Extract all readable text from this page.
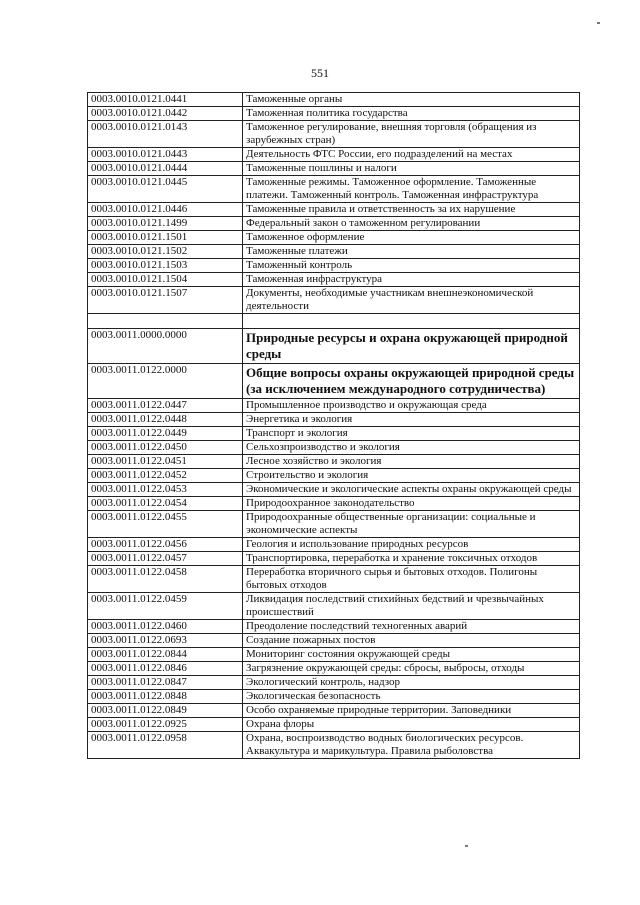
551
0003.0010.0121.0441	Таможенные органы
0003.0010.0121.0442	Таможенная политика государства
0003.0010.0121.0143	Таможенное регулирование, внешняя торговля (обращения из зарубежных стран)
0003.0010.0121.0443	Деятельность ФТС России, его подразделений на местах
0003.0010.0121.0444	Таможенные пошлины и налоги
0003.0010.0121.0445	Таможенные режимы. Таможенное оформление. Таможенные платежи. Таможенный контроль. Таможенная инфраструктура
0003.0010.0121.0446	Таможенные правила и ответственность за их нарушение
0003.0010.0121.1499	Федеральный закон о таможенном регулировании
0003.0010.0121.1501	Таможенное оформление
0003.0010.0121.1502	Таможенные платежи
0003.0010.0121.1503	Таможенный контроль
0003.0010.0121.1504	Таможенная инфраструктура
0003.0010.0121.1507	Документы, необходимые участникам внешнеэкономической деятельности

0003.0011.0000.0000	Природные ресурсы и охрана окружающей природной среды
0003.0011.0122.0000	Общие вопросы охраны окружающей природной среды (за исключением международного сотрудничества)
0003.0011.0122.0447	Промышленное производство и окружающая среда
0003.0011.0122.0448	Энергетика и экология
0003.0011.0122.0449	Транспорт и экология
0003.0011.0122.0450	Сельхозпроизводство и экология
0003.0011.0122.0451	Лесное хозяйство и экология
0003.0011.0122.0452	Строительство и экология
0003.0011.0122.0453	Экономические и экологические аспекты охраны окружающей среды
0003.0011.0122.0454	Природоохранное законодательство
0003.0011.0122.0455	Природоохранные общественные организации: социальные и экономические аспекты
0003.0011.0122.0456	Геология и использование природных ресурсов
0003.0011.0122.0457	Транспортировка, переработка и хранение токсичных отходов
0003.0011.0122.0458	Переработка вторичного сырья и бытовых отходов. Полигоны бытовых отходов
0003.0011.0122.0459	Ликвидация последствий стихийных бедствий и чрезвычайных происшествий
0003.0011.0122.0460	Преодоление последствий техногенных аварий
0003.0011.0122.0693	Создание пожарных постов
0003.0011.0122.0844	Мониторинг состояния окружающей среды
0003.0011.0122.0846	Загрязнение окружающей среды: сбросы, выбросы, отходы
0003.0011.0122.0847	Экологический контроль, надзор
0003.0011.0122.0848	Экологическая безопасность
0003.0011.0122.0849	Особо охраняемые природные территории. Заповедники
0003.0011.0122.0925	Охрана флоры
0003.0011.0122.0958	Охрана, воспроизводство водных биологических ресурсов. Аквакультура и марикультура. Правила рыболовства
